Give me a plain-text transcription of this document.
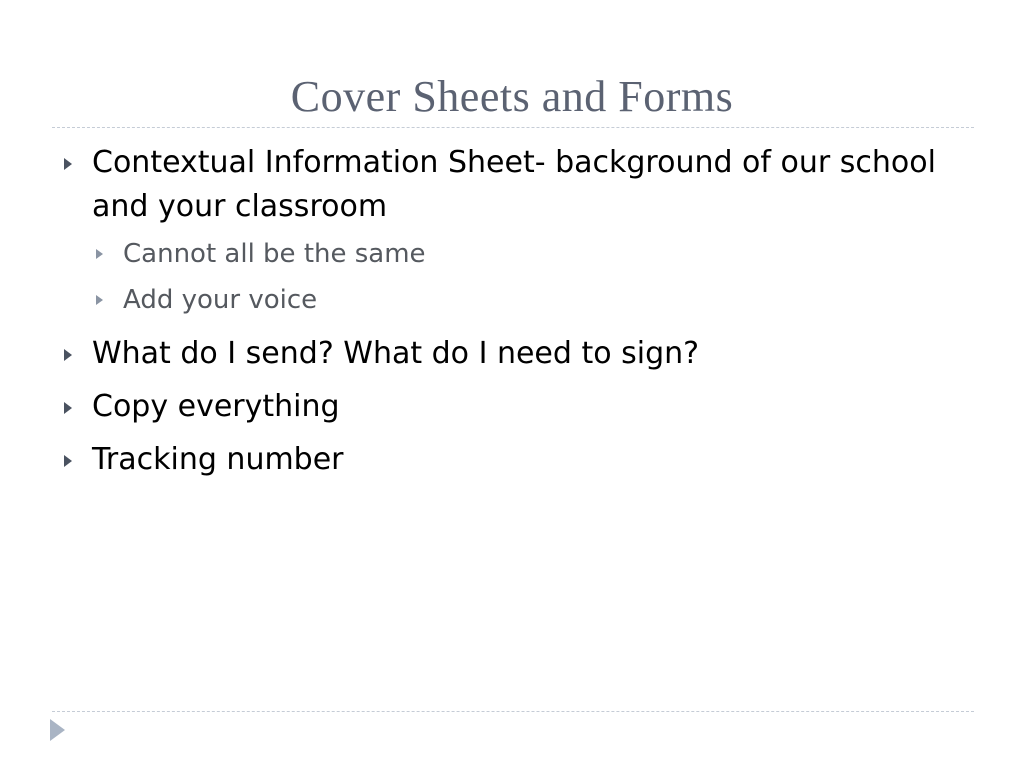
Cover Sheets and Forms
Contextual Information Sheet- background of our school and your classroom
Cannot all be the same
Add your voice
What do I send? What do I need to sign?
Copy everything
Tracking number
